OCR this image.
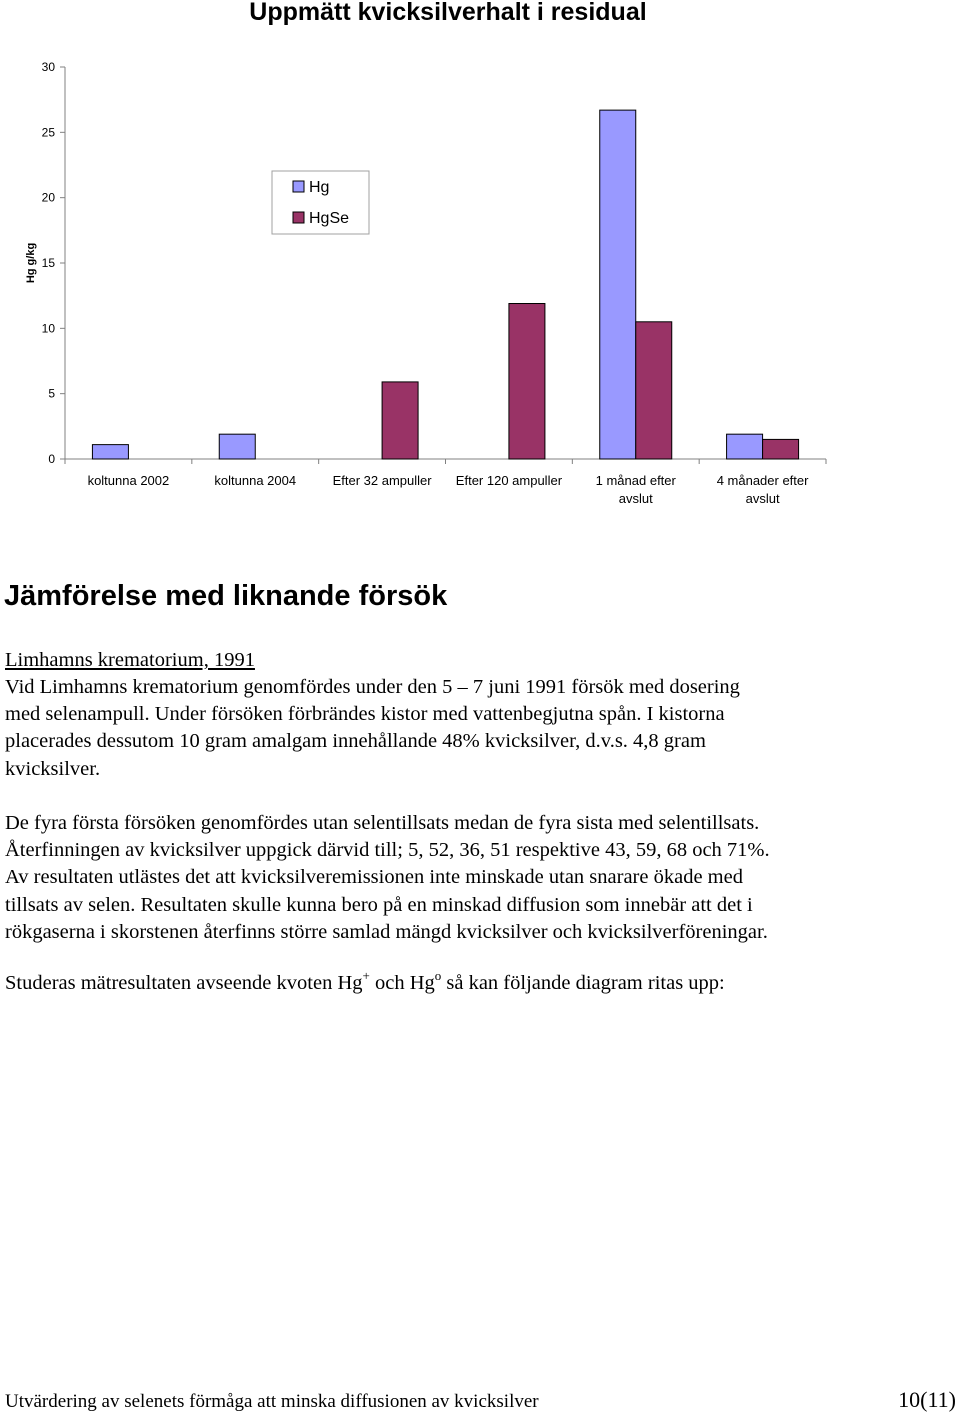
Uppmätt kvicksilverhalt i residual
0
5
10
15
20
25
30
Hg g/kg
koltunna 2002	koltunna 2004	Efter 32 ampuller Efter 120 ampuller	1 månad efter
avslut
4 månader efter
avslut
Hg
HgSe
Jämförelse med liknande försök

Limhamns krematorium, 1991

Vid Limhamns krematorium genomfördes under den 5 – 7 juni 1991 försök med dosering
med selenampull. Under försöken förbrändes kistor med vattenbegjutna spån. I kistorna
placerades dessutom 10 gram amalgam innehållande 48% kvicksilver, d.v.s. 4,8 gram
kvicksilver.
De fyra första försöken genomfördes utan selentillsats medan de fyra sista med selentillsats.
Återfinningen av kvicksilver uppgick därvid till; 5, 52, 36, 51 respektive 43, 59, 68 och 71%.
Av resultaten utlästes det att kvicksilveremissionen inte minskade utan snarare ökade med
tillsats av selen. Resultaten skulle kunna bero på en minskad diffusion som innebär att det i
rökgaserna i skorstenen återfinns större samlad mängd kvicksilver och kvicksilverföreningar.

Studeras mätresultaten avseende kvoten Hg+ och Hg$^o$ så kan följande diagram ritas upp:

Utvärdering av selenets förmåga att minska diffusionen av kvicksilver	10(11)
